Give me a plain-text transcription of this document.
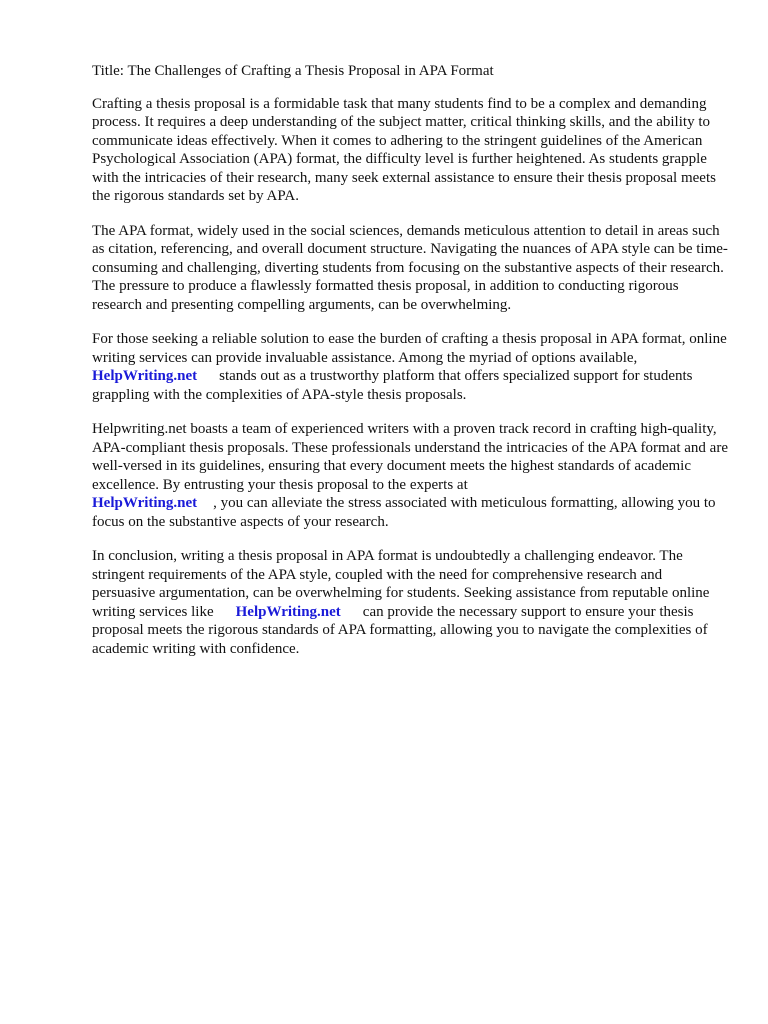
Title: The Challenges of Crafting a Thesis Proposal in APA Format

Crafting a thesis proposal is a formidable task that many students find to be a complex and demanding process. It requires a deep understanding of the subject matter, critical thinking skills, and the ability to communicate ideas effectively. When it comes to adhering to the stringent guidelines of the American Psychological Association (APA) format, the difficulty level is further heightened. As students grapple with the intricacies of their research, many seek external assistance to ensure their thesis proposal meets the rigorous standards set by APA.

The APA format, widely used in the social sciences, demands meticulous attention to detail in areas such as citation, referencing, and overall document structure. Navigating the nuances of APA style can be time-consuming and challenging, diverting students from focusing on the substantive aspects of their research. The pressure to produce a flawlessly formatted thesis proposal, in addition to conducting rigorous research and presenting compelling arguments, can be overwhelming.

For those seeking a reliable solution to ease the burden of crafting a thesis proposal in APA format, online writing services can provide invaluable assistance. Among the myriad of options available,
HelpWriting.net stands out as a trustworthy platform that offers specialized support for students grappling with the complexities of APA-style thesis proposals.

Helpwriting.net boasts a team of experienced writers with a proven track record in crafting high-quality, APA-compliant thesis proposals. These professionals understand the intricacies of the APA format and are well-versed in its guidelines, ensuring that every document meets the highest standards of academic excellence. By entrusting your thesis proposal to the experts at
HelpWriting.net , you can alleviate the stress associated with meticulous formatting, allowing you to focus on the substantive aspects of your research.

In conclusion, writing a thesis proposal in APA format is undoubtedly a challenging endeavor. The stringent requirements of the APA style, coupled with the need for comprehensive research and persuasive argumentation, can be overwhelming for students. Seeking assistance from reputable online writing services like HelpWriting.net can provide the necessary support to ensure your thesis proposal meets the rigorous standards of APA formatting, allowing you to navigate the complexities of academic writing with confidence.
